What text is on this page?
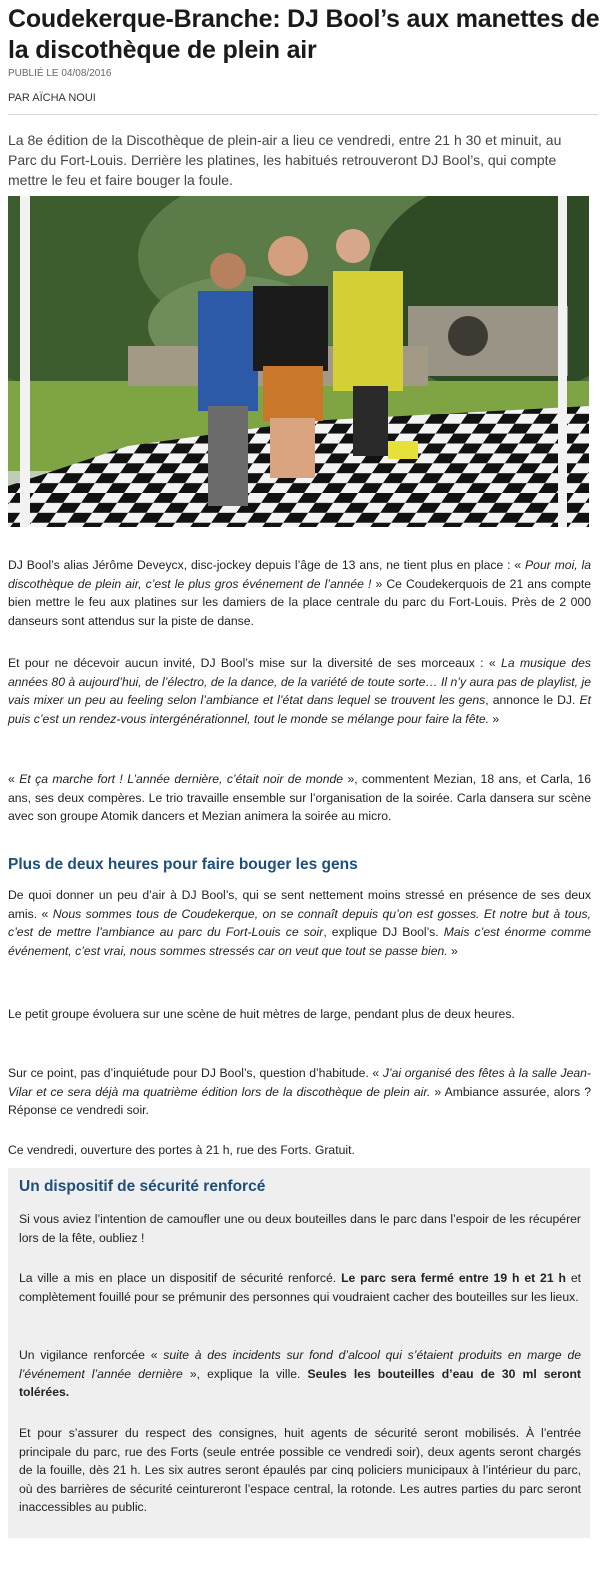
Coudekerque-Branche: DJ Bool’s aux manettes de la discothèque de plein air
PUBLIÉ LE 04/08/2016
PAR AÏCHA NOUI
La 8e édition de la Discothèque de plein-air a lieu ce vendredi, entre 21 h 30 et minuit, au Parc du Fort-Louis. Derrière les platines, les habitués retrouveront DJ Bool’s, qui compte mettre le feu et faire bouger la foule.

DJ Bool’s alias Jérôme Deveycx, disc-jockey depuis l’âge de 13 ans, ne tient plus en place : « Pour moi, la discothèque de plein air, c’est le plus gros événement de l’année ! » Ce Coudekerquois de 21 ans compte bien mettre le feu aux platines sur les damiers de la place centrale du parc du Fort-Louis. Près de 2 000 danseurs sont attendus sur la piste de danse.

Et pour ne décevoir aucun invité, DJ Bool’s mise sur la diversité de ses morceaux : « La musique des années 80 à aujourd’hui, de l’électro, de la dance, de la variété de toute sorte… Il n’y aura pas de playlist, je vais mixer un peu au feeling selon l’ambiance et l’état dans lequel se trouvent les gens, annonce le DJ. Et puis c’est un rendez-vous intergénérationnel, tout le monde se mélange pour faire la fête. »

« Et ça marche fort ! L’année dernière, c’était noir de monde », commentent Mezian, 18 ans, et Carla, 16 ans, ses deux compères. Le trio travaille ensemble sur l’organisation de la soirée. Carla dansera sur scène avec son groupe Atomik dancers et Mezian animera la soirée au micro.

Plus de deux heures pour faire bouger les gens

De quoi donner un peu d’air à DJ Bool’s, qui se sent nettement moins stressé en présence de ses deux amis. « Nous sommes tous de Coudekerque, on se connaît depuis qu’on est gosses. Et notre but à tous, c’est de mettre l’ambiance au parc du Fort-Louis ce soir, explique DJ Bool’s. Mais c’est énorme comme événement, c’est vrai, nous sommes stressés car on veut que tout se passe bien. »

Le petit groupe évoluera sur une scène de huit mètres de large, pendant plus de deux heures.

Sur ce point, pas d’inquiétude pour DJ Bool’s, question d’habitude. « J’ai organisé des fêtes à la salle Jean-Vilar et ce sera déjà ma quatrième édition lors de la discothèque de plein air. » Ambiance assurée, alors ? Réponse ce vendredi soir.

Ce vendredi, ouverture des portes à 21 h, rue des Forts. Gratuit.

Un dispositif de sécurité renforcé

Si vous aviez l’intention de camoufler une ou deux bouteilles dans le parc dans l’espoir de les récupérer lors de la fête, oubliez !

La ville a mis en place un dispositif de sécurité renforcé. Le parc sera fermé entre 19 h et 21 h et complètement fouillé pour se prémunir des personnes qui voudraient cacher des bouteilles sur les lieux.

Un vigilance renforcée « suite à des incidents sur fond d’alcool qui s’étaient produits en marge de l’événement l’année dernière », explique la ville. Seules les bouteilles d’eau de 30 ml seront tolérées.

Et pour s’assurer du respect des consignes, huit agents de sécurité seront mobilisés. À l’entrée principale du parc, rue des Forts (seule entrée possible ce vendredi soir), deux agents seront chargés de la fouille, dès 21 h. Les six autres seront épaulés par cinq policiers municipaux à l’intérieur du parc, où des barrières de sécurité ceintureront l’espace central, la rotonde. Les autres parties du parc seront inaccessibles au public.
